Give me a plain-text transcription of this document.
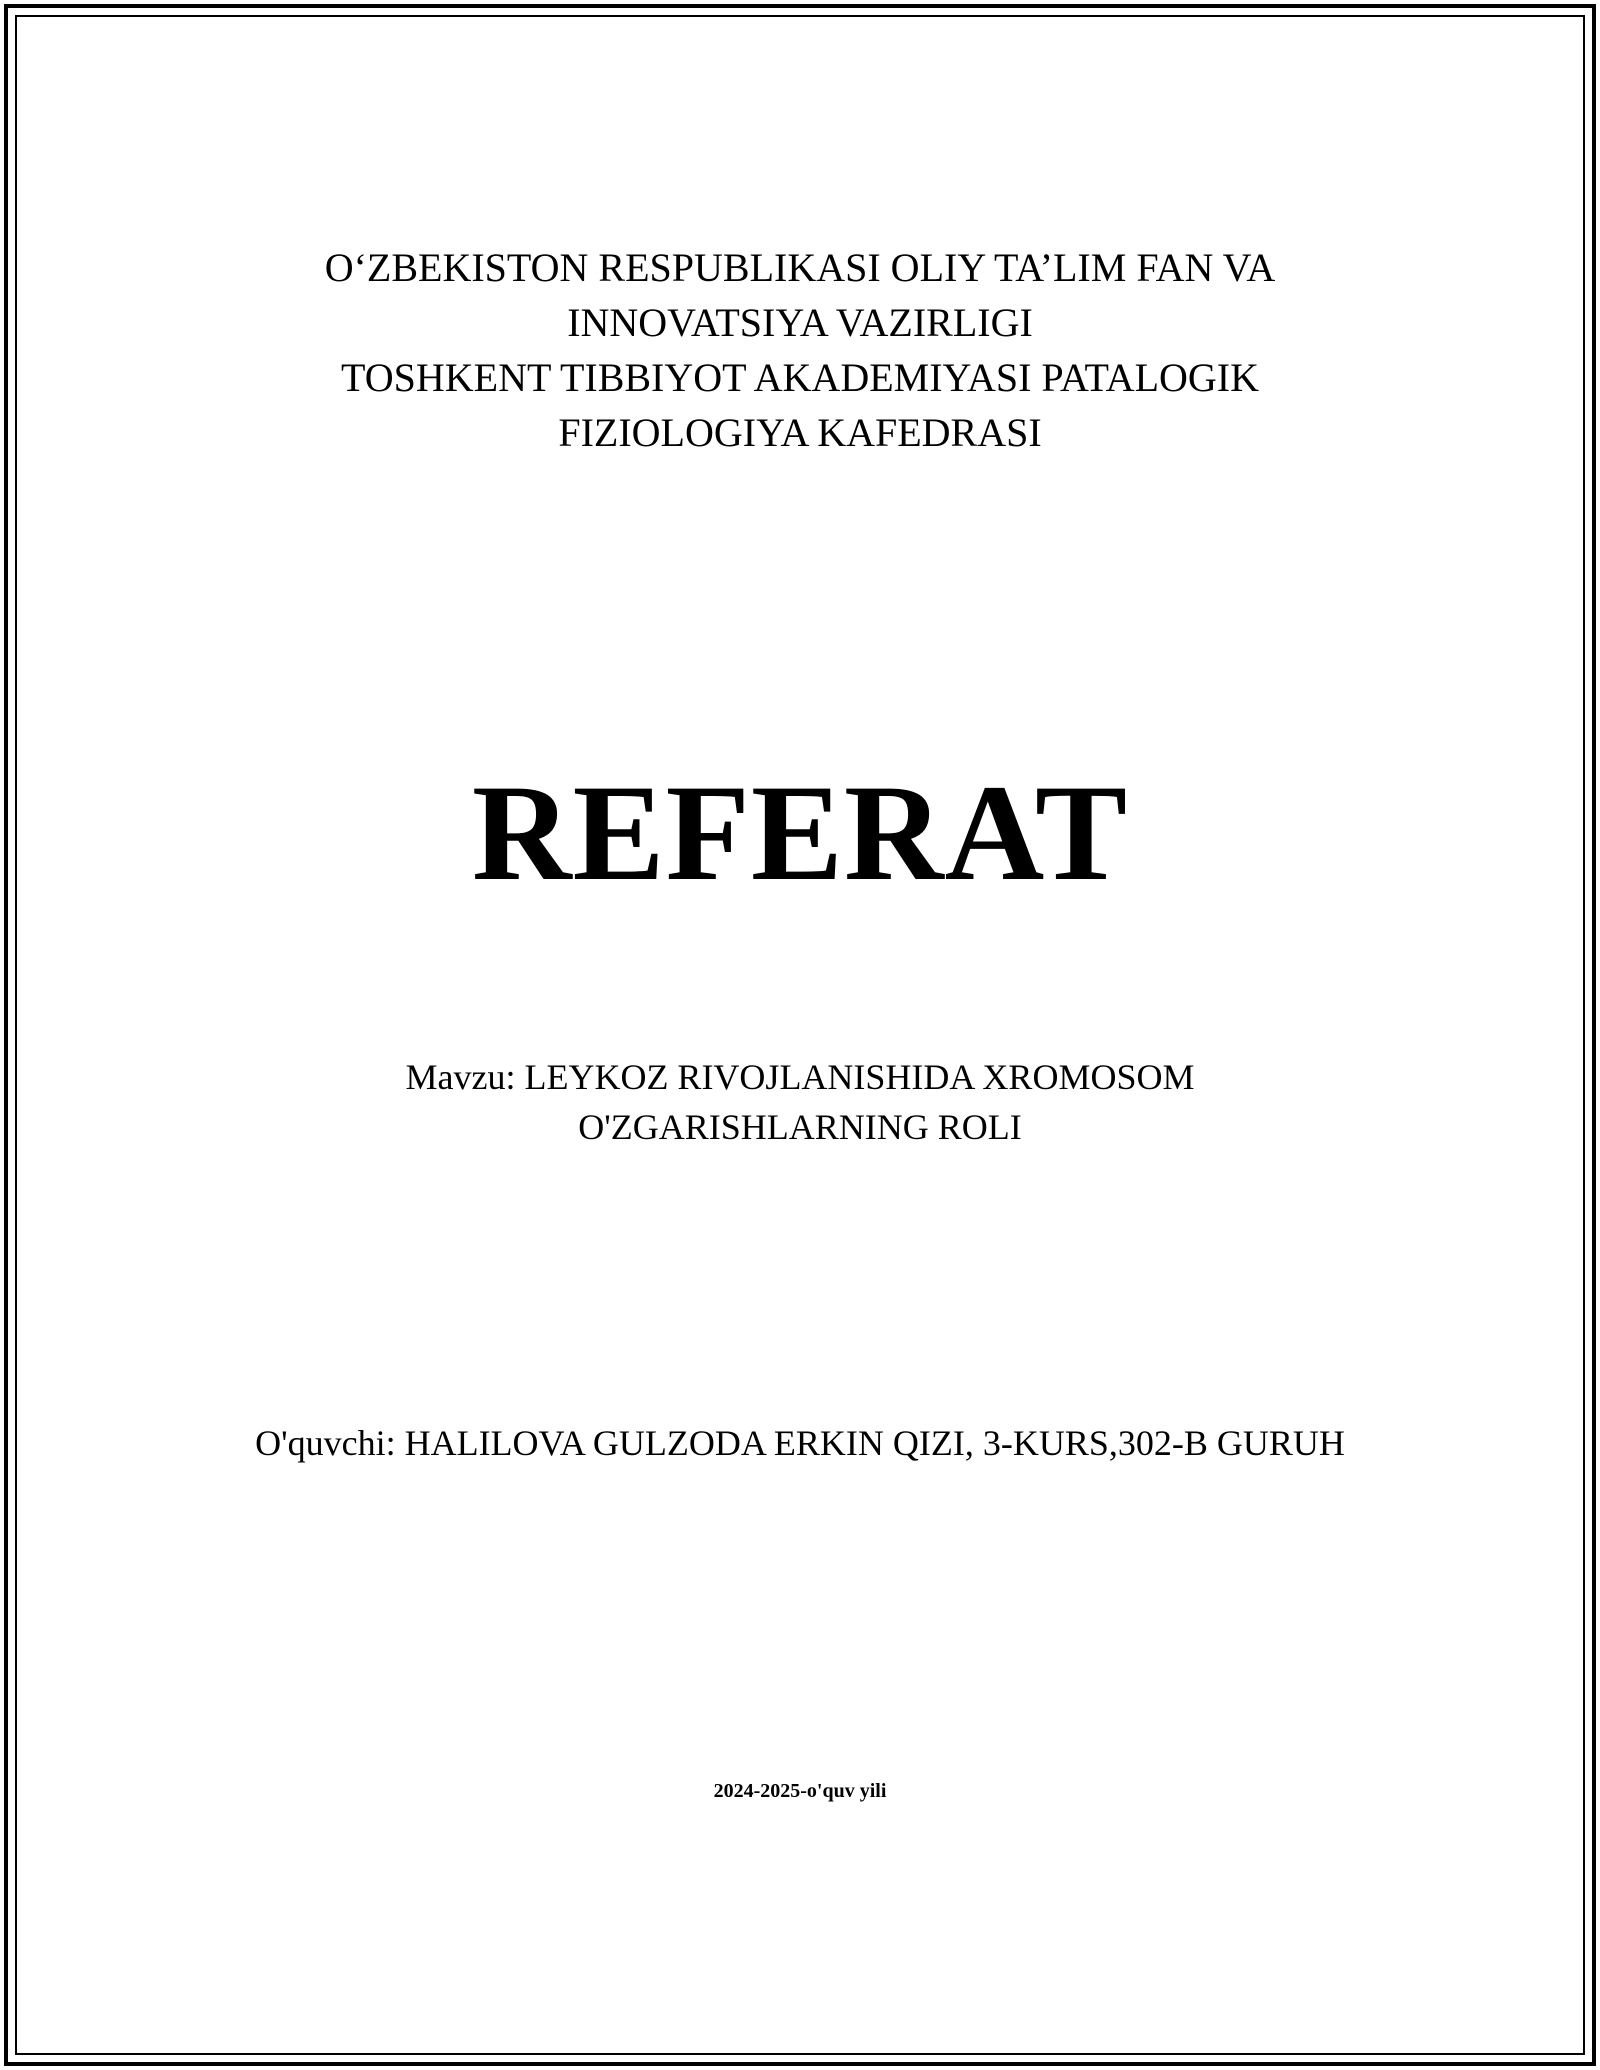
O‘ZBEKISTON RESPUBLIKASI OLIY TA’LIM FAN VA
INNOVATSIYA VAZIRLIGI
TOSHKENT TIBBIYOT AKADEMIYASI PATALOGIK
FIZIOLOGIYA KAFEDRASI
REFERAT
Mavzu: LEYKOZ RIVOJLANISHIDA XROMOSOM
O'ZGARISHLARNING ROLI
O'quvchi: HALILOVA GULZODA ERKIN QIZI, 3-KURS,302-B GURUH
2024-2025-o'quv yili
